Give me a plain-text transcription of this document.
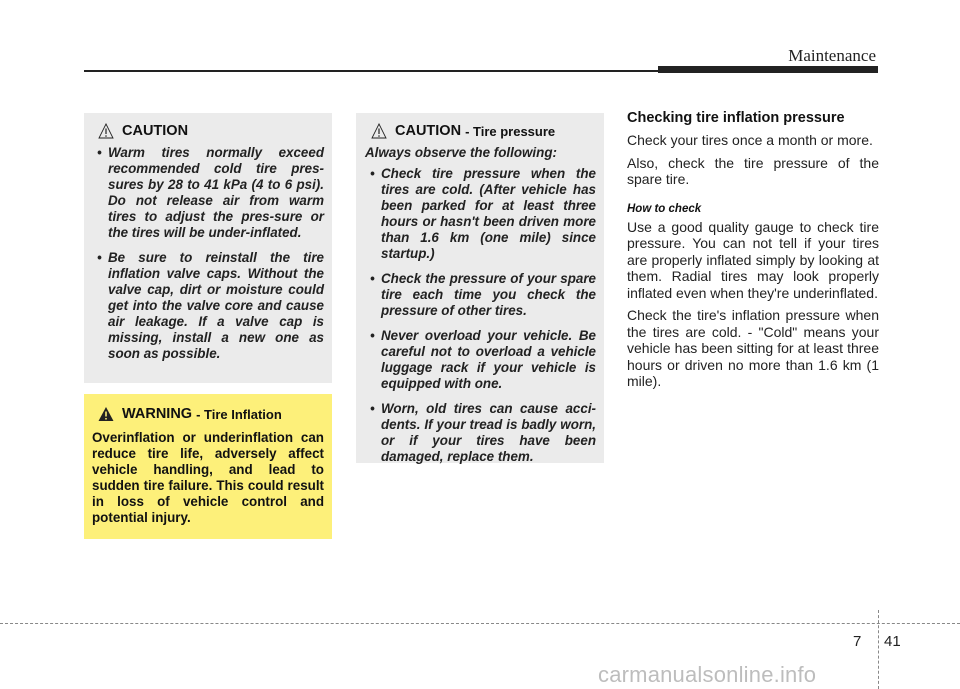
Maintenance
CAUTION
• Warm tires normally exceed recommended cold tire pres-sures by 28 to 41 kPa (4 to 6 psi). Do not release air from warm tires to adjust the pres-sure or the tires will be under-inflated.
• Be sure to reinstall the tire inflation valve caps. Without the valve cap, dirt or moisture could get into the valve core and cause air leakage. If a valve cap is missing, install a new one as soon as possible.
WARNING - Tire Inflation
Overinflation or underinflation can reduce tire life, adversely affect vehicle handling, and lead to sudden tire failure. This could result in loss of vehicle control and potential injury.
CAUTION - Tire pressure
Always observe the following:
• Check tire pressure when the tires are cold. (After vehicle has been parked for at least three hours or hasn't been driven more than 1.6 km (one mile) since startup.)
• Check the pressure of your spare tire each time you check the pressure of other tires.
• Never overload your vehicle. Be careful not to overload a vehicle luggage rack if your vehicle is equipped with one.
• Worn, old tires can cause acci-dents. If your tread is badly worn, or if your tires have been damaged, replace them.
Checking tire inflation pressure

Check your tires once a month or more.

Also, check the tire pressure of the spare tire.

How to check

Use a good quality gauge to check tire pressure. You can not tell if your tires are properly inflated simply by looking at them. Radial tires may look properly inflated even when they're underinflated.

Check the tire's inflation pressure when the tires are cold. - "Cold" means your vehicle has been sitting for at least three hours or driven no more than 1.6 km (1 mile).

7 41
carmanualsonline.info
